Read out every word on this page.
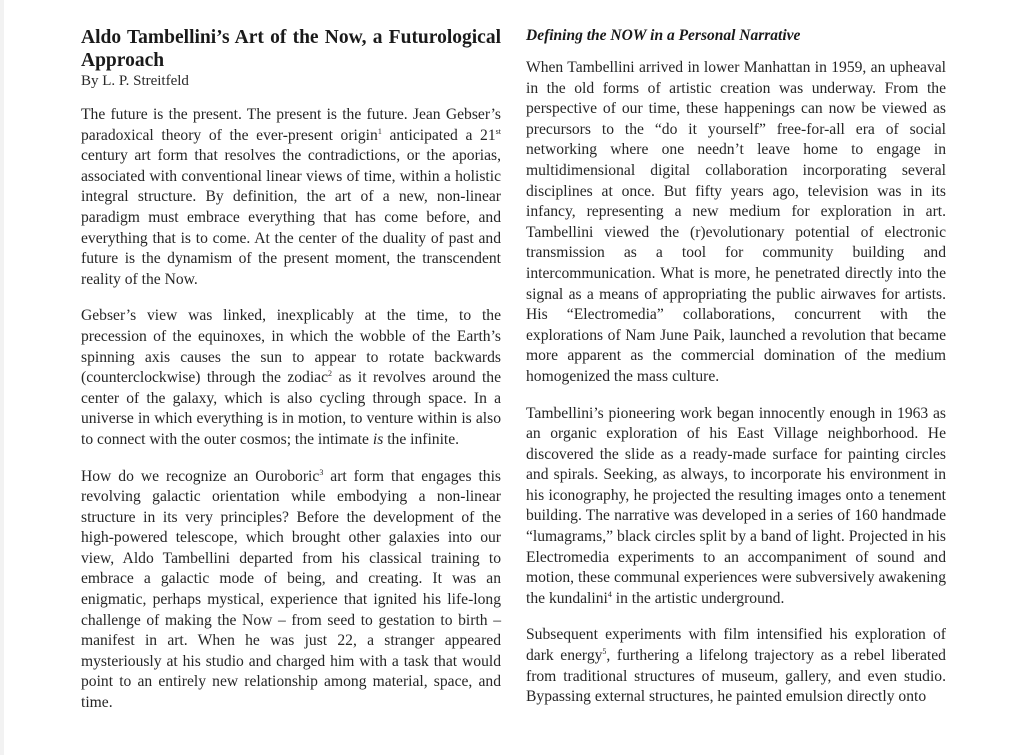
Aldo Tambellini’s Art of the Now, a Futurological Approach
By L. P. Streitfeld

The future is the present. The present is the future. Jean Gebser’s paradoxical theory of the ever-present origin$^1$ anticipated a 21st century art form that resolves the contradictions, or the aporias, associated with conventional linear views of time, within a holistic integral structure. By definition, the art of a new, non-linear paradigm must embrace everything that has come before, and everything that is to come. At the center of the duality of past and future is the dynamism of the present moment, the transcendent reality of the Now.

Gebser’s view was linked, inexplicably at the time, to the precession of the equinoxes, in which the wobble of the Earth’s spinning axis causes the sun to appear to rotate backwards (counterclockwise) through the zodiac$^2$ as it revolves around the center of the galaxy, which is also cycling through space. In a universe in which everything is in motion, to venture within is also to connect with the outer cosmos; the intimate is the infinite.

How do we recognize an Ouroboric$^3$ art form that engages this revolving galactic orientation while embodying a non-linear structure in its very principles? Before the development of the high-powered telescope, which brought other galaxies into our view, Aldo Tambellini departed from his classical training to embrace a galactic mode of being, and creating. It was an enigmatic, perhaps mystical, experience that ignited his life-long challenge of making the Now – from seed to gestation to birth – manifest in art. When he was just 22, a stranger appeared mysteriously at his studio and charged him with a task that would point to an entirely new relationship among material, space, and time.

Defining the NOW in a Personal Narrative

When Tambellini arrived in lower Manhattan in 1959, an upheaval in the old forms of artistic creation was underway. From the perspective of our time, these happenings can now be viewed as precursors to the “do it yourself” free-for-all era of social networking where one needn’t leave home to engage in multidimensional digital collaboration incorporating several disciplines at once. But fifty years ago, television was in its infancy, representing a new medium for exploration in art. Tambellini viewed the (r)evolutionary potential of electronic transmission as a tool for community building and intercommunication. What is more, he penetrated directly into the signal as a means of appropriating the public airwaves for artists. His “Electromedia” collaborations, concurrent with the explorations of Nam June Paik, launched a revolution that became more apparent as the commercial domination of the medium homogenized the mass culture.

Tambellini’s pioneering work began innocently enough in 1963 as an organic exploration of his East Village neighborhood. He discovered the slide as a ready-made surface for painting circles and spirals. Seeking, as always, to incorporate his environment in his iconography, he projected the resulting images onto a tenement building. The narrative was developed in a series of 160 handmade “lumagrams,” black circles split by a band of light. Projected in his Electromedia experiments to an accompaniment of sound and motion, these communal experiences were subversively awakening the kundalini$^4$ in the artistic underground.

Subsequent experiments with film intensified his exploration of dark energy$^5$, furthering a lifelong trajectory as a rebel liberated from traditional structures of museum, gallery, and even studio. Bypassing external structures, he painted emulsion directly onto
